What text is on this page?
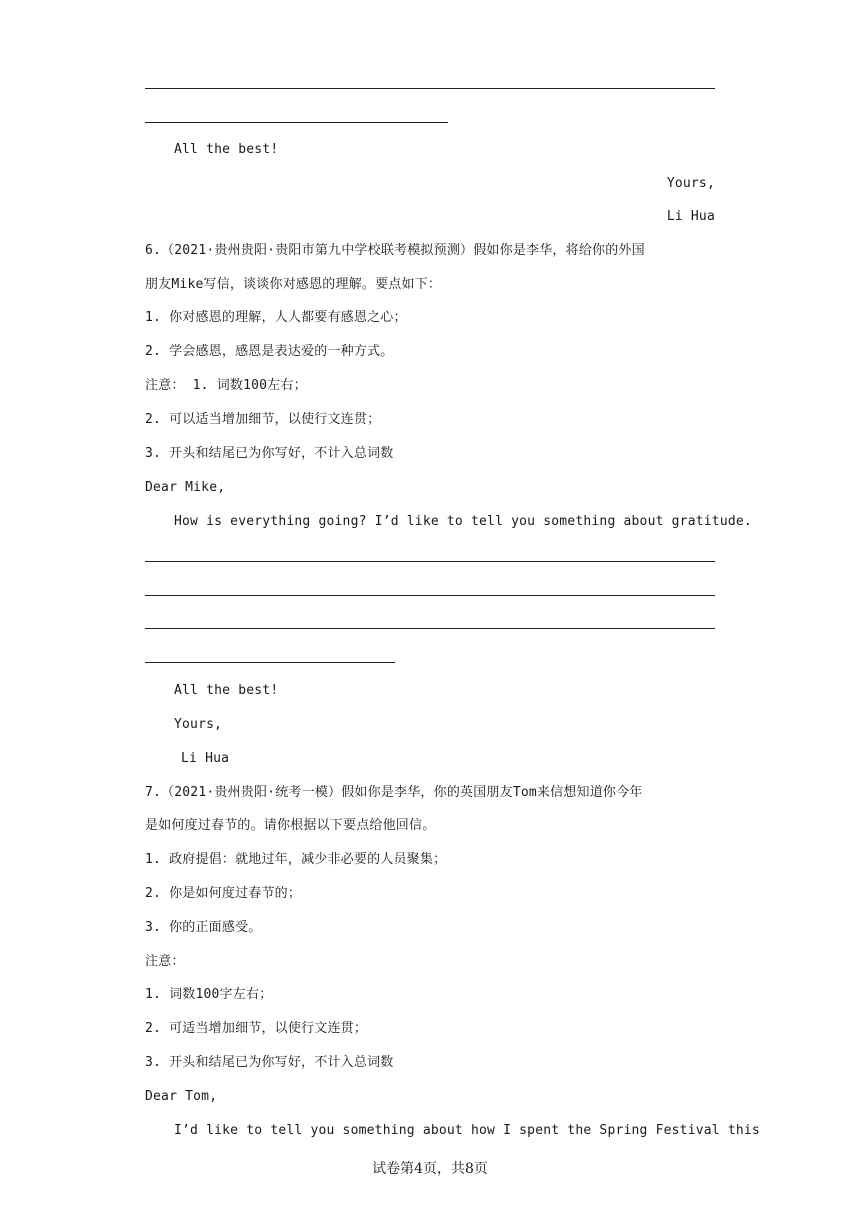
All the best!
Yours,
Li Hua
6.（2021·贵州贵阳·贵阳市第九中学校联考模拟预测）假如你是李华，将给你的外国
朋友Mike写信，谈谈你对感恩的理解。要点如下：
1. 你对感恩的理解，人人都要有感恩之心；
2. 学会感恩，感恩是表达爱的一种方式。
注意： 1. 词数100左右；
2. 可以适当增加细节，以使行文连贯；
3. 开头和结尾已为你写好，不计入总词数
Dear Mike,
How is everything going? I’d like to tell you something about gratitude.
All the best!
Yours,
Li Hua
7.（2021·贵州贵阳·统考一模）假如你是李华，你的英国朋友Tom来信想知道你今年
是如何度过春节的。请你根据以下要点给他回信。
1. 政府提倡：就地过年，减少非必要的人员聚集；
2. 你是如何度过春节的；
3. 你的正面感受。
注意：
1. 词数100字左右；
2. 可适当增加细节，以使行文连贯；
3. 开头和结尾已为你写好，不计入总词数
Dear Tom,
I’d like to tell you something about how I spent the Spring Festival this
试卷第4页，共8页
